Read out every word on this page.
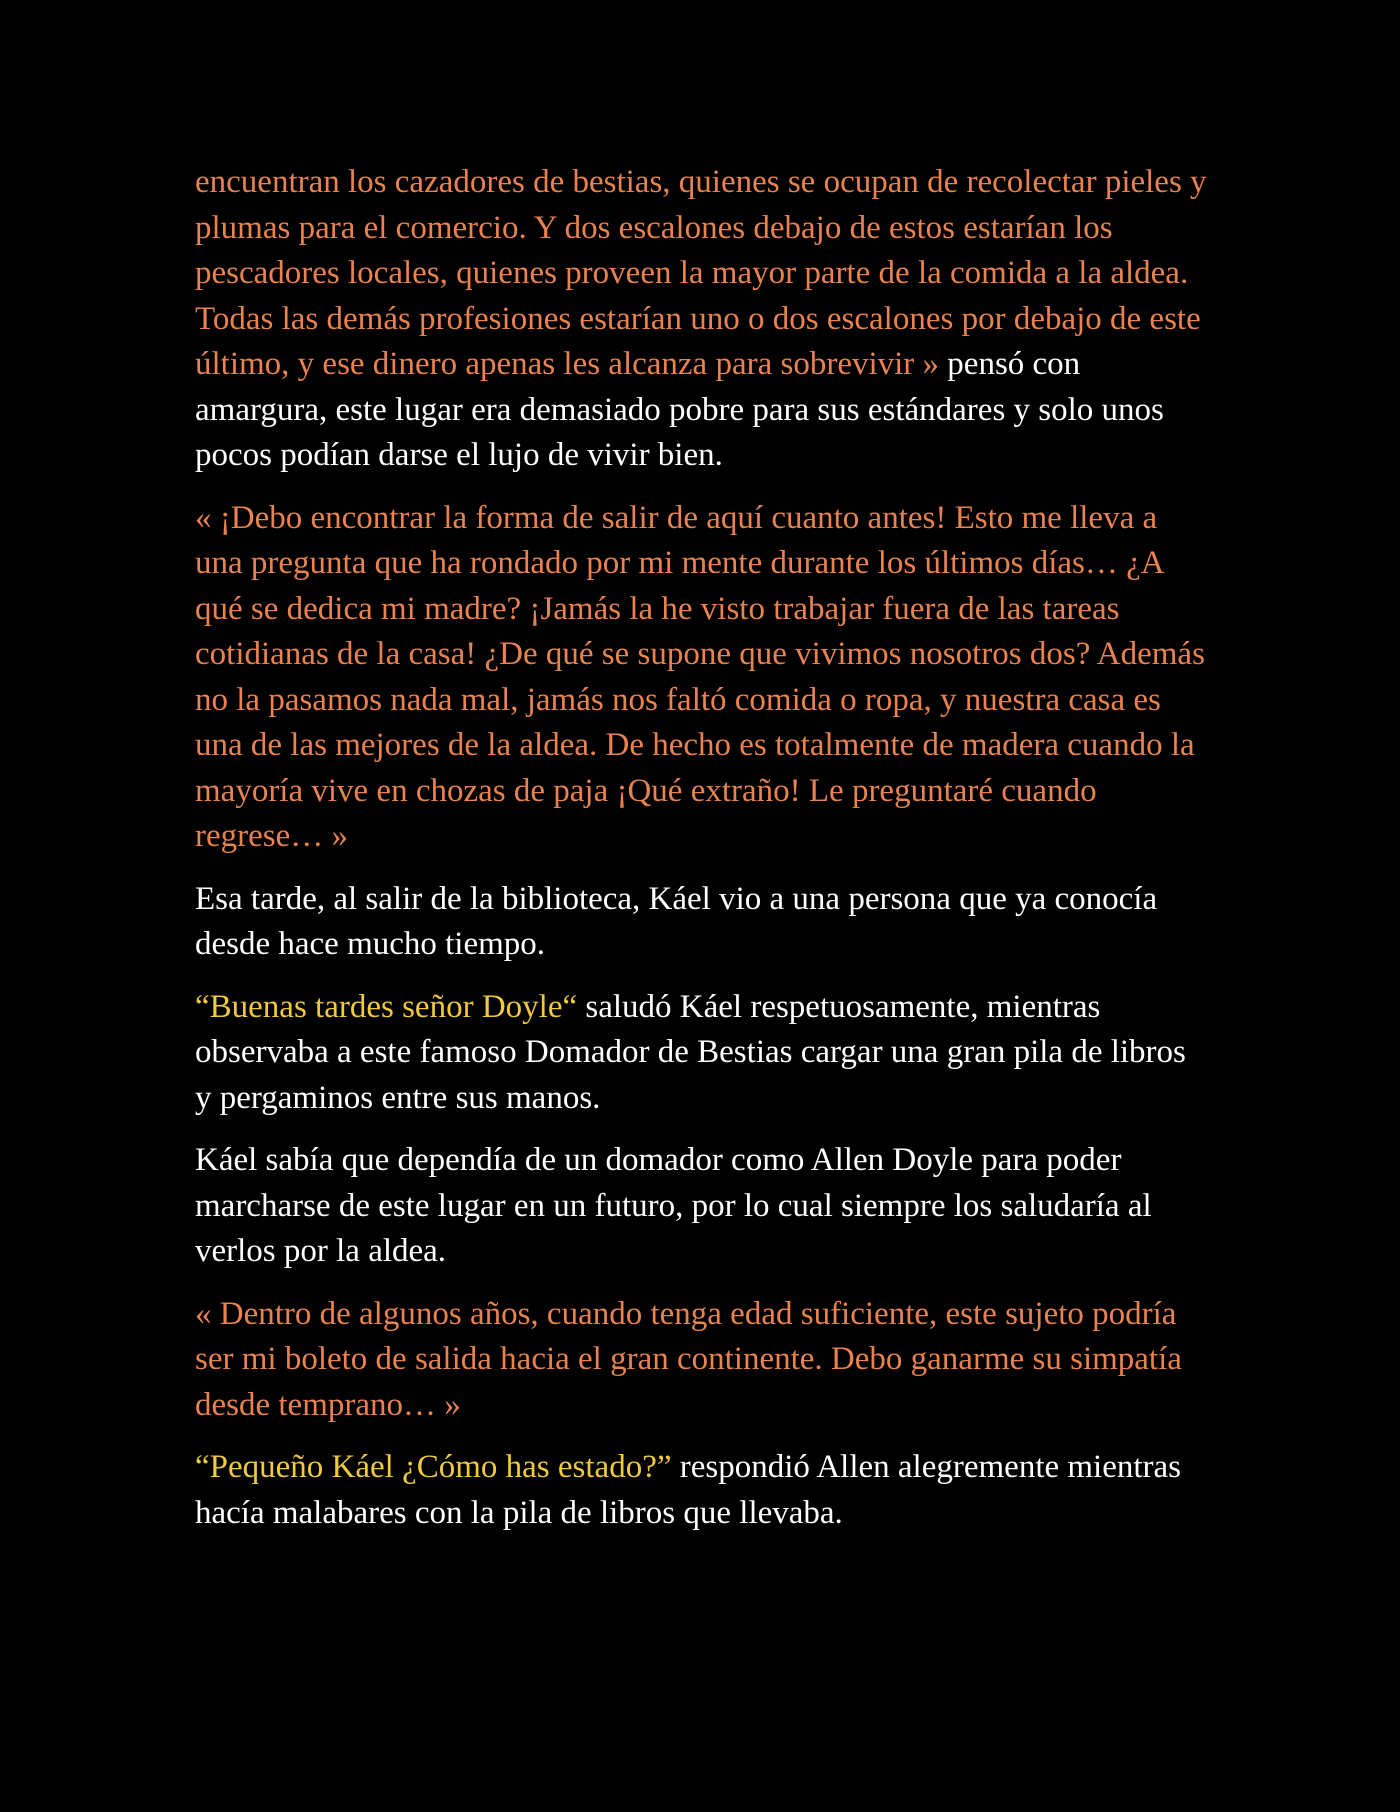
encuentran los cazadores de bestias, quienes se ocupan de recolectar pieles y plumas para el comercio. Y dos escalones debajo de estos estarían los pescadores locales, quienes proveen la mayor parte de la comida a la aldea. Todas las demás profesiones estarían uno o dos escalones por debajo de este último, y ese dinero apenas les alcanza para sobrevivir » pensó con amargura, este lugar era demasiado pobre para sus estándares y solo unos pocos podían darse el lujo de vivir bien.

« ¡Debo encontrar la forma de salir de aquí cuanto antes! Esto me lleva a una pregunta que ha rondado por mi mente durante los últimos días… ¿A qué se dedica mi madre? ¡Jamás la he visto trabajar fuera de las tareas cotidianas de la casa! ¿De qué se supone que vivimos nosotros dos? Además no la pasamos nada mal, jamás nos faltó comida o ropa, y nuestra casa es una de las mejores de la aldea. De hecho es totalmente de madera cuando la mayoría vive en chozas de paja ¡Qué extraño! Le preguntaré cuando regrese… »

Esa tarde, al salir de la biblioteca, Káel vio a una persona que ya conocía desde hace mucho tiempo.

“Buenas tardes señor Doyle“ saludó Káel respetuosamente, mientras observaba a este famoso Domador de Bestias cargar una gran pila de libros y pergaminos entre sus manos.

Káel sabía que dependía de un domador como Allen Doyle para poder marcharse de este lugar en un futuro, por lo cual siempre los saludaría al verlos por la aldea.

« Dentro de algunos años, cuando tenga edad suficiente, este sujeto podría ser mi boleto de salida hacia el gran continente. Debo ganarme su simpatía desde temprano… »

“Pequeño Káel ¿Cómo has estado?” respondió Allen alegremente mientras hacía malabares con la pila de libros que llevaba.
